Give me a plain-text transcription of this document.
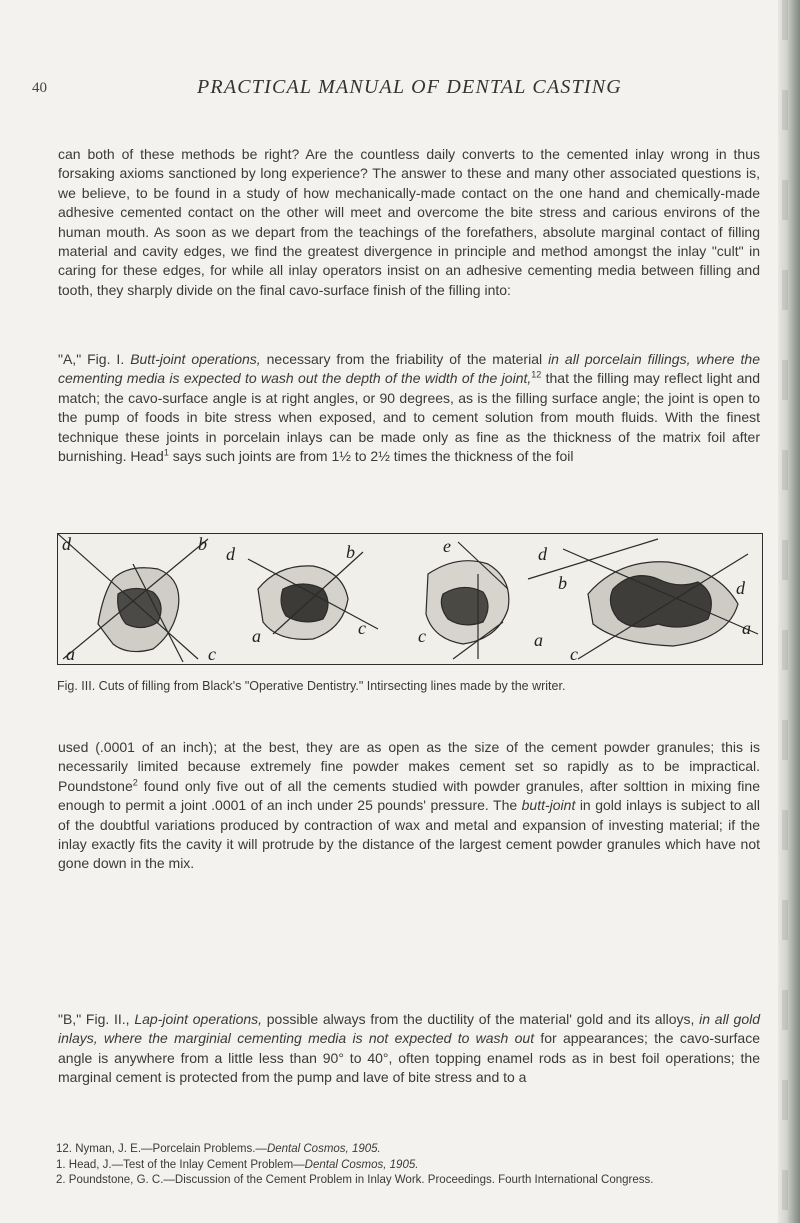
40	PRACTICAL MANUAL OF DENTAL CASTING

can both of these methods be right? Are the countless daily converts to the cemented inlay wrong in thus forsaking axioms sanctioned by long experience? The answer to these and many other associated questions is, we believe, to be found in a study of how mechanically-made contact on the one hand and chemically-made adhesive cemented contact on the other will meet and overcome the bite stress and carious environs of the human mouth. As soon as we depart from the teachings of the forefathers, absolute marginal contact of filling material and cavity edges, we find the greatest divergence in principle and method amongst the inlay "cult" in caring for these edges, for while all inlay operators insist on an adhesive cementing media between filling and tooth, they sharply divide on the final cavo-surface finish of the filling into:

"A," Fig. I. Butt-joint operations, necessary from the friability of the material in all porcelain fillings, where the cementing media is expected to wash out the depth of the width of the joint,$^{12}$ that the filling may reflect light and match; the cavo-surface angle is at right angles, or 90 degrees, as is the filling surface angle; the joint is open to the pump of foods in bite stress when exposed, and to cement solution from mouth fluids. With the finest technique these joints in porcelain inlays can be made only as fine as the thickness of the matrix foil after burnishing. Head$^1$ says such joints are from 1½ to 2½ times the thickness of the foil

d
a
b
c
d
a
b
c
e
c
d
b	d
a
a
c

Fig. III. Cuts of filling from Black's "Operative Dentistry." Intirsecting lines made by the writer.

used (.0001 of an inch); at the best, they are as open as the size of the cement powder granules; this is necessarily limited because extremely fine powder makes cement set so rapidly as to be impractical. Poundstone$^2$ found only five out of all the cements studied with powder granules, after solttion in mixing fine enough to permit a joint .0001 of an inch under 25 pounds' pressure. The butt-joint in gold inlays is subject to all of the doubtful variations produced by contraction of wax and metal and expansion of investing material; if the inlay exactly fits the cavity it will protrude by the distance of the largest cement powder granules which have not gone down in the mix.

"B," Fig. II., Lap-joint operations, possible always from the ductility of the material' gold and its alloys, in all gold inlays, where the marginial cementing media is not expected to wash out for appearances; the cavo-surface angle is anywhere from a little less than 90° to 40°, often topping enamel rods as in best foil operations; the marginal cement is protected from the pump and lave of bite stress and to a

12. Nyman, J. E.—Porcelain Problems.—Dental Cosmos, 1905.

1. Head, J.—Test of the Inlay Cement Problem—Dental Cosmos, 1905.

2. Poundstone, G. C.—Discussion of the Cement Problem in Inlay Work. Proceedings. Fourth International Congress.
